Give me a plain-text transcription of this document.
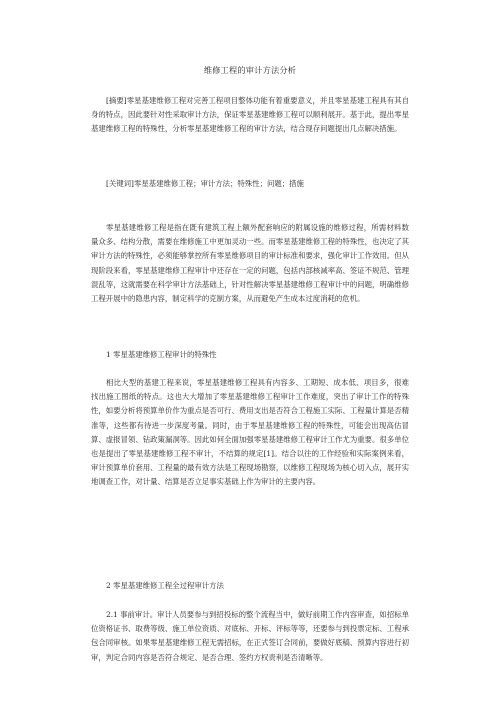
维修工程的审计方法分析

[摘要]零星基建维修工程对完善工程项目整体功能有着重要意义，并且零星基建工程具有其自身的特点，因此要针对性采取审计方法，保证零星基建维修工程可以顺利展开。基于此，提出零星基建维修工程的特殊性，分析零星基建维修工程的审计方法，结合现存问题提出几点解决措施。

[关键词]零星基建维修工程；审计方法；特殊性；问题；措施

零星基建维修工程是指在既有建筑工程上额外配套响应的附属设施的维修过程，所需材料数量众多、结构分散，需要在维修施工中更加灵动一些。而零星基建维修工程的特殊性，也决定了其审计方法的特殊性，必须能够掌控所有零星维修项目的审计标准和要求，强化审计工作效用。但从现阶段来看，零星基建维修工程审计中还存在一定的问题，包括内部核减率高、签证不规范、管理混乱等，这就需要在科学审计方法基础上，针对性解决零星基建维修工程审计中的问题，明确维修工程开展中的隐患内容，制定科学的克制方案，从而避免产生成本过度消耗的危机。

1 零星基建维修工程审计的特殊性

相比大型的基建工程来说，零星基建维修工程具有内容多、工期短、成本低、项目多，很难找出施工图纸的特点。这也大大增加了零星基建维修工程审计工作难度，突出了审计工作的特殊性，如要分析将预算单价作为重点是否可行、费用支出是否符合工程施工实际、工程量计算是否精准等，这些都有待进一步深度考量。同时，由于零星基建维修工程的特殊性，可能会出现高估冒算、虚报冒领、钻政策漏洞等。因此如何全面加强零星基建维修工程审计工作尤为重要。很多单位也是提出了零星基建维修工程不审计，不结算的规定[1]。结合以往的工作经验和实际案例来看，审计预算单价套用、工程量的最有效方法是工程现场勘察，以维修工程现场为核心切入点，展开实地调查工作，对计量、结算是否立足事实基础上作为审计的主要内容。

2 零星基建维修工程全过程审计方法

2.1 事前审计。审计人员要参与到招投标的整个流程当中，做好前期工作内容审查，如招标单位资格证书、取费等级、施工单位资质、对底标、开标、评标等等，还要参与到投票定标、工程承包合同审核。如果零星基建维修工程无需招标，在正式签订合同前，要做好底稿、预算内容进行初审，判定合同内容是否符合规定、是否合理、签约方权责利是否清晰等。
